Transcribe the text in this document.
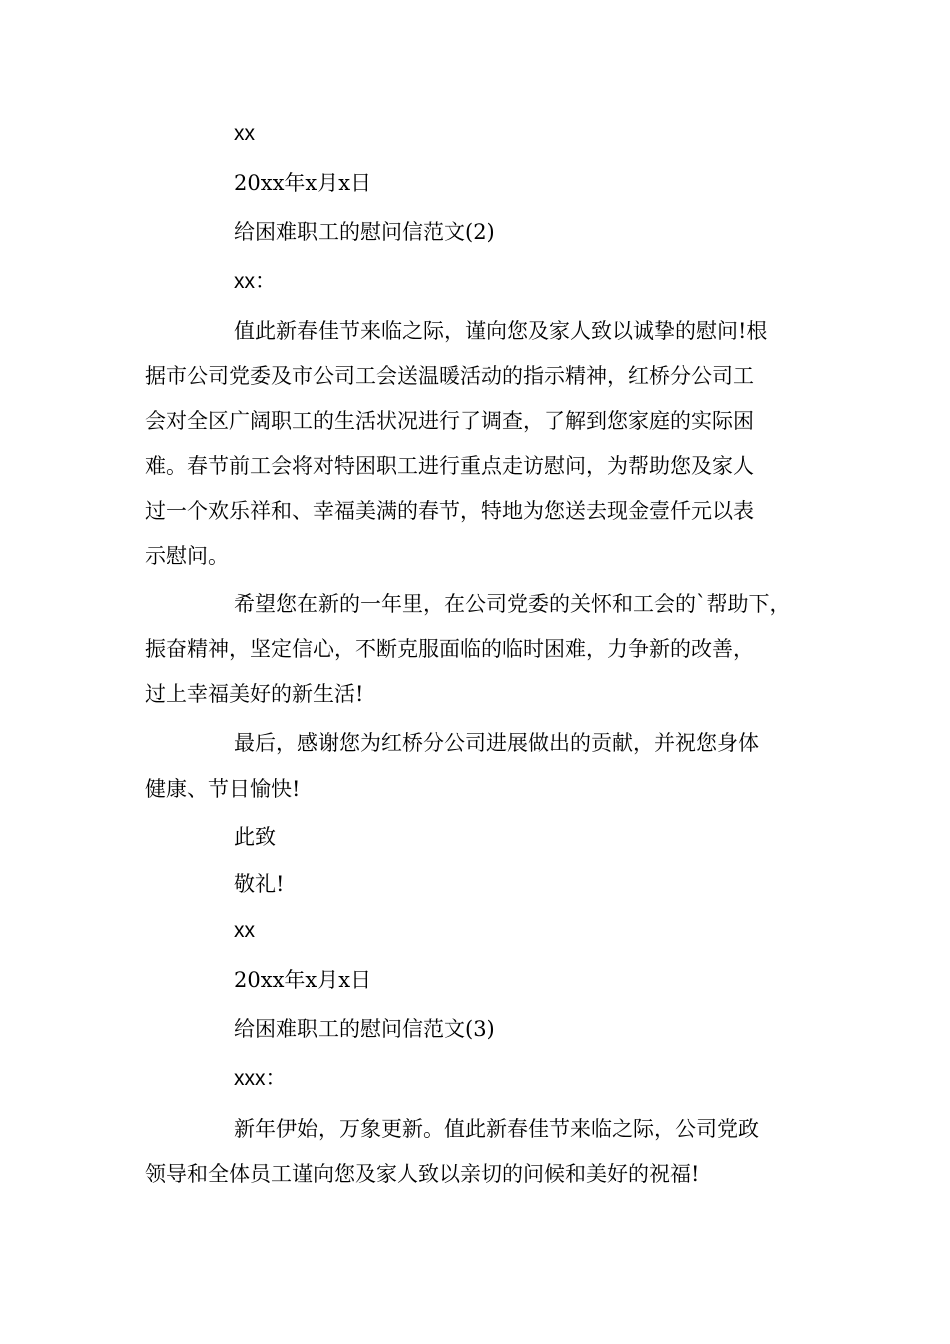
xx
20xx年x月x日
给困难职工的慰问信范文(2)
xx：
值此新春佳节来临之际，谨向您及家人致以诚挚的慰问!根
据市公司党委及市公司工会送温暖活动的指示精神，红桥分公司工
会对全区广阔职工的生活状况进行了调查，了解到您家庭的实际困
难。春节前工会将对特困职工进行重点走访慰问，为帮助您及家人
过一个欢乐祥和、幸福美满的春节，特地为您送去现金壹仟元以表
示慰问。
希望您在新的一年里，在公司党委的关怀和工会的`帮助下，
振奋精神，坚定信心，不断克服面临的临时困难，力争新的改善，
过上幸福美好的新生活!
最后，感谢您为红桥分公司进展做出的贡献，并祝您身体
健康、节日愉快!
此致
敬礼!
xx
20xx年x月x日
给困难职工的慰问信范文(3)
xxx：
新年伊始，万象更新。值此新春佳节来临之际，公司党政
领导和全体员工谨向您及家人致以亲切的问候和美好的祝福!
